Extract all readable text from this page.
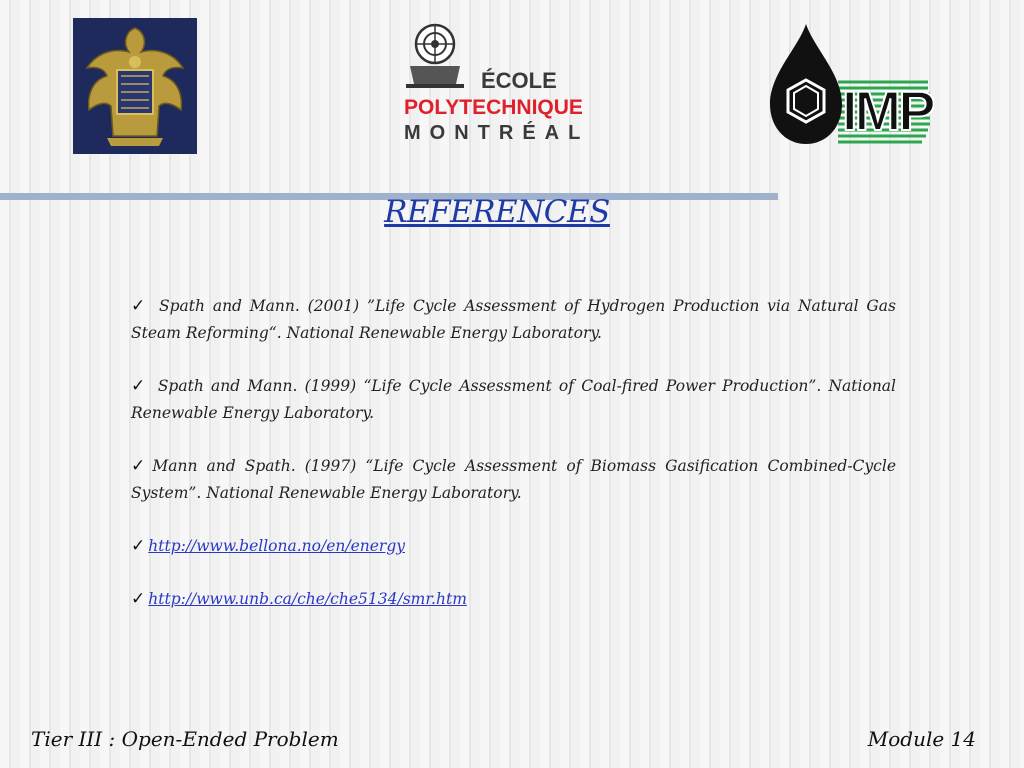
ÉCOLE
POLYTECHNIQUE
MONTRÉAL	IMP
REFERENCES

✓ Spath and Mann. (2001) ”Life Cycle Assessment of Hydrogen Production via Natural Gas Steam Reforming“. National Renewable Energy Laboratory.

✓ Spath and Mann. (1999) “Life Cycle Assessment of Coal-fired Power Production”. National Renewable Energy Laboratory.

✓ Mann and Spath. (1997) “Life Cycle Assessment of Biomass Gasification Combined-Cycle System”. National Renewable Energy Laboratory.

✓ http://www.bellona.no/en/energy

✓ http://www.unb.ca/che/che5134/smr.htm

Tier III : Open-Ended Problem	Module 14
